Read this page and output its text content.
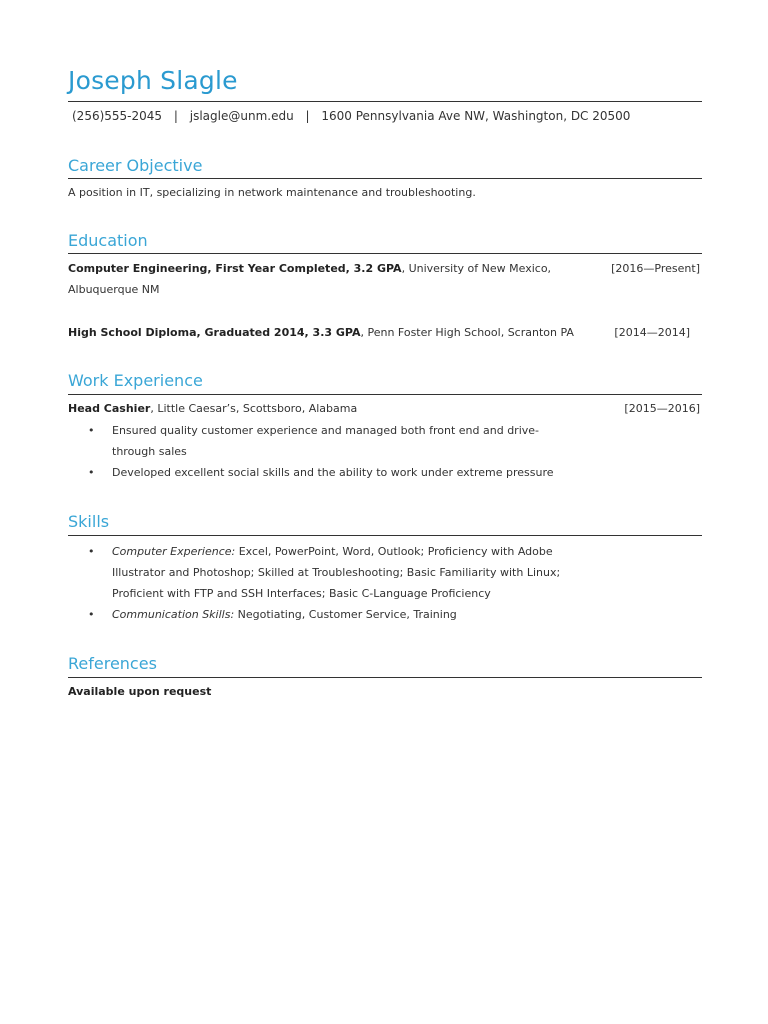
Joseph Slagle
(256)555-2045 | jslagle@unm.edu | 1600 Pennsylvania Ave NW, Washington, DC 20500
Career Objective
A position in IT, specializing in network maintenance and troubleshooting.
Education
Computer Engineering, First Year Completed, 3.2 GPA, University of New Mexico,
Albuquerque NM
[2016—Present]
High School Diploma, Graduated 2014, 3.3 GPA, Penn Foster High School, Scranton PA	[2014—2014]
Work Experience
Head Cashier, Little Caesar’s, Scottsboro, Alabama	[2015—2016]
• Ensured quality customer experience and managed both front end and drive-
through sales
• Developed excellent social skills and the ability to work under extreme pressure
Skills
• Computer Experience: Excel, PowerPoint, Word, Outlook; Proficiency with Adobe
Illustrator and Photoshop; Skilled at Troubleshooting; Basic Familiarity with Linux;
Proficient with FTP and SSH Interfaces; Basic C-Language Proficiency
• Communication Skills: Negotiating, Customer Service, Training
References
Available upon request
